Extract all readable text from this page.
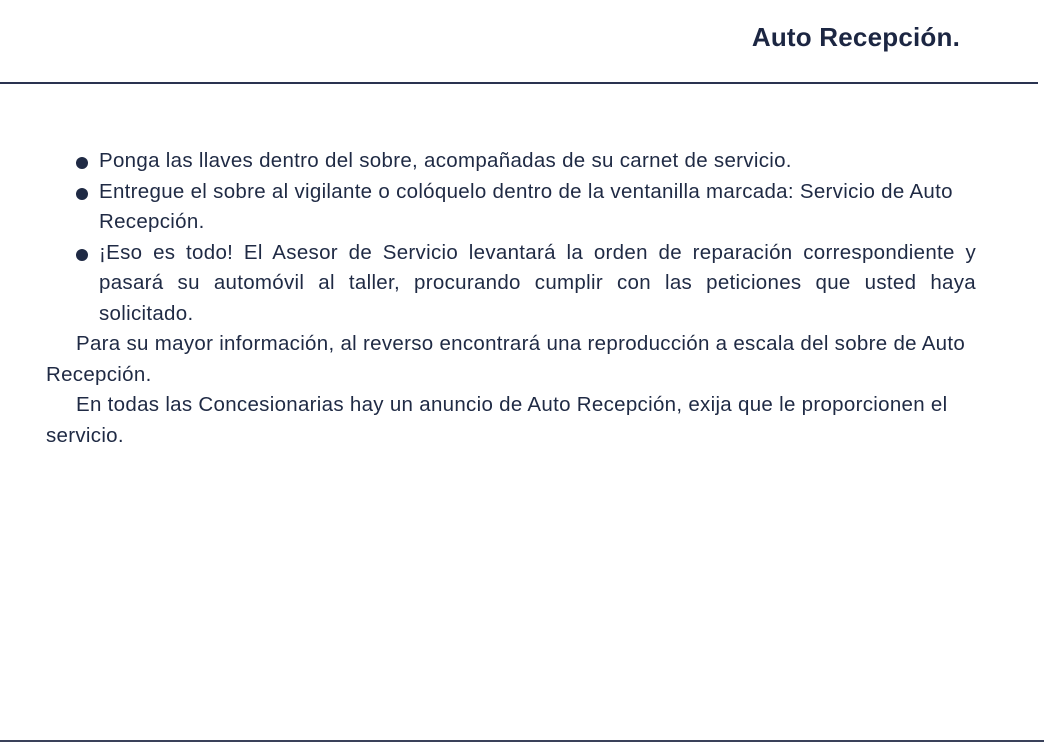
Auto Recepción.
Ponga las llaves dentro del sobre, acompañadas de su carnet de servicio.
Entregue el sobre al vigilante o colóquelo dentro de la ventanilla marcada: Servicio de Auto Recepción.
¡Eso es todo! El Asesor de Servicio levantará la orden de reparación correspondiente y pasará su automóvil al taller, procurando cumplir con las peticiones que usted haya solicitado.

Para su mayor información, al reverso encontrará una reproducción a escala del sobre de Auto Recepción.

En todas las Concesionarias hay un anuncio de Auto Recepción, exija que le proporcionen el servicio.
